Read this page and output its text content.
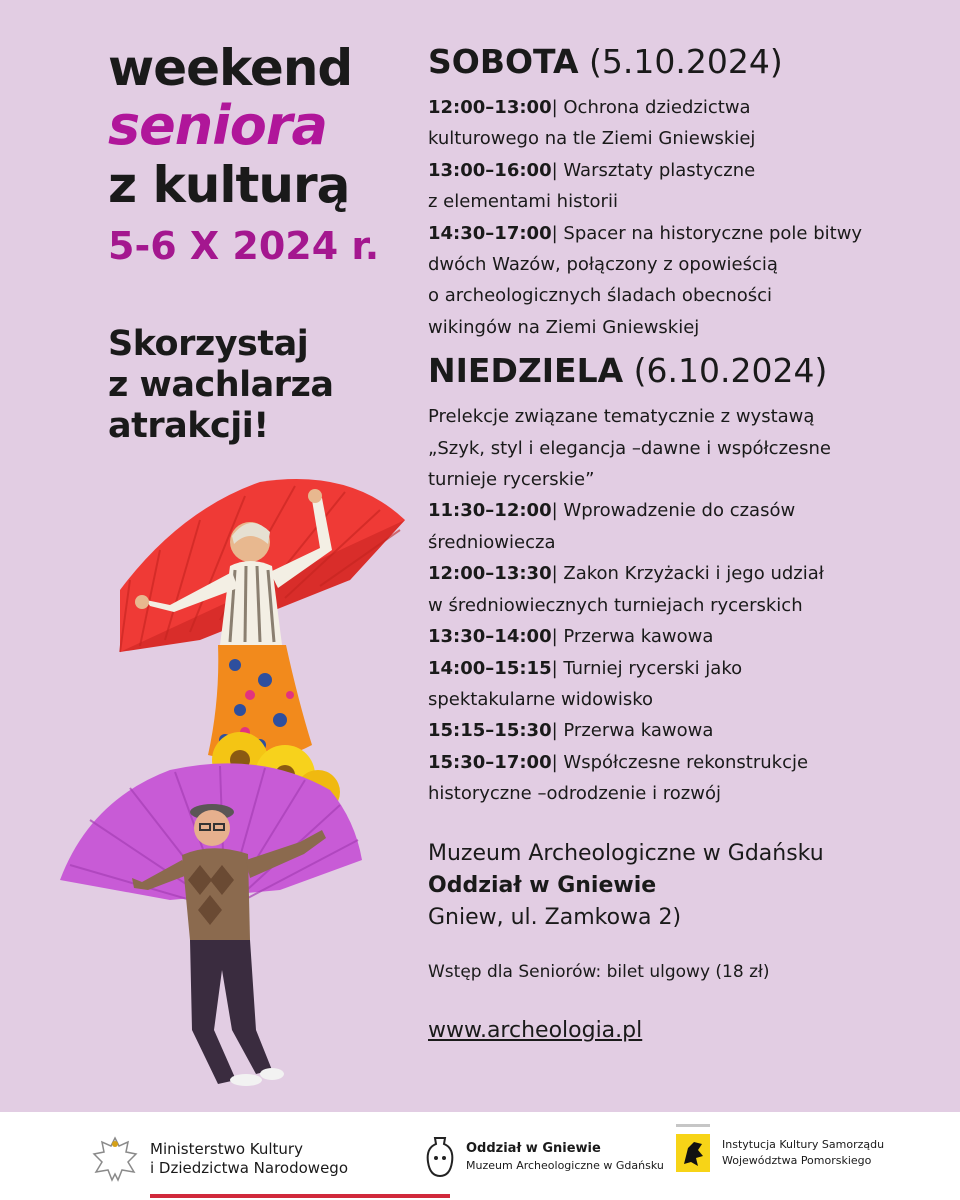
weekend
seniora
z kulturą
5-6 X 2024 r.
Skorzystaj
z wachlarza
atrakcji!
SOBOTA (5.10.2024)
12:00–13:00| Ochrona dziedzictwa
kulturowego na tle Ziemi Gniewskiej
13:00–16:00| Warsztaty plastyczne
z elementami historii
14:30–17:00| Spacer na historyczne pole bitwy
dwóch Wazów, połączony z opowieścią
o archeologicznych śladach obecności
wikingów na Ziemi Gniewskiej
NIEDZIELA (6.10.2024)
Prelekcje związane tematycznie z wystawą
„Szyk, styl i elegancja –dawne i współczesne
turnieje rycerskie”
11:30–12:00| Wprowadzenie do czasów
średniowiecza
12:00–13:30| Zakon Krzyżacki i jego udział
w średniowiecznych turniejach rycerskich
13:30–14:00| Przerwa kawowa
14:00–15:15| Turniej rycerski jako
spektakularne widowisko
15:15–15:30| Przerwa kawowa
15:30–17:00| Współczesne rekonstrukcje
historyczne –odrodzenie i rozwój
Muzeum Archeologiczne w Gdańsku
Oddział w Gniewie
Gniew, ul. Zamkowa 2)
Wstęp dla Seniorów: bilet ulgowy (18 zł)
www.archeologia.pl
Ministerstwo Kultury
i Dziedzictwa Narodowego
Oddział w Gniewie
Muzeum Archeologiczne w Gdańsku
Instytucja Kultury Samorządu
Województwa Pomorskiego
